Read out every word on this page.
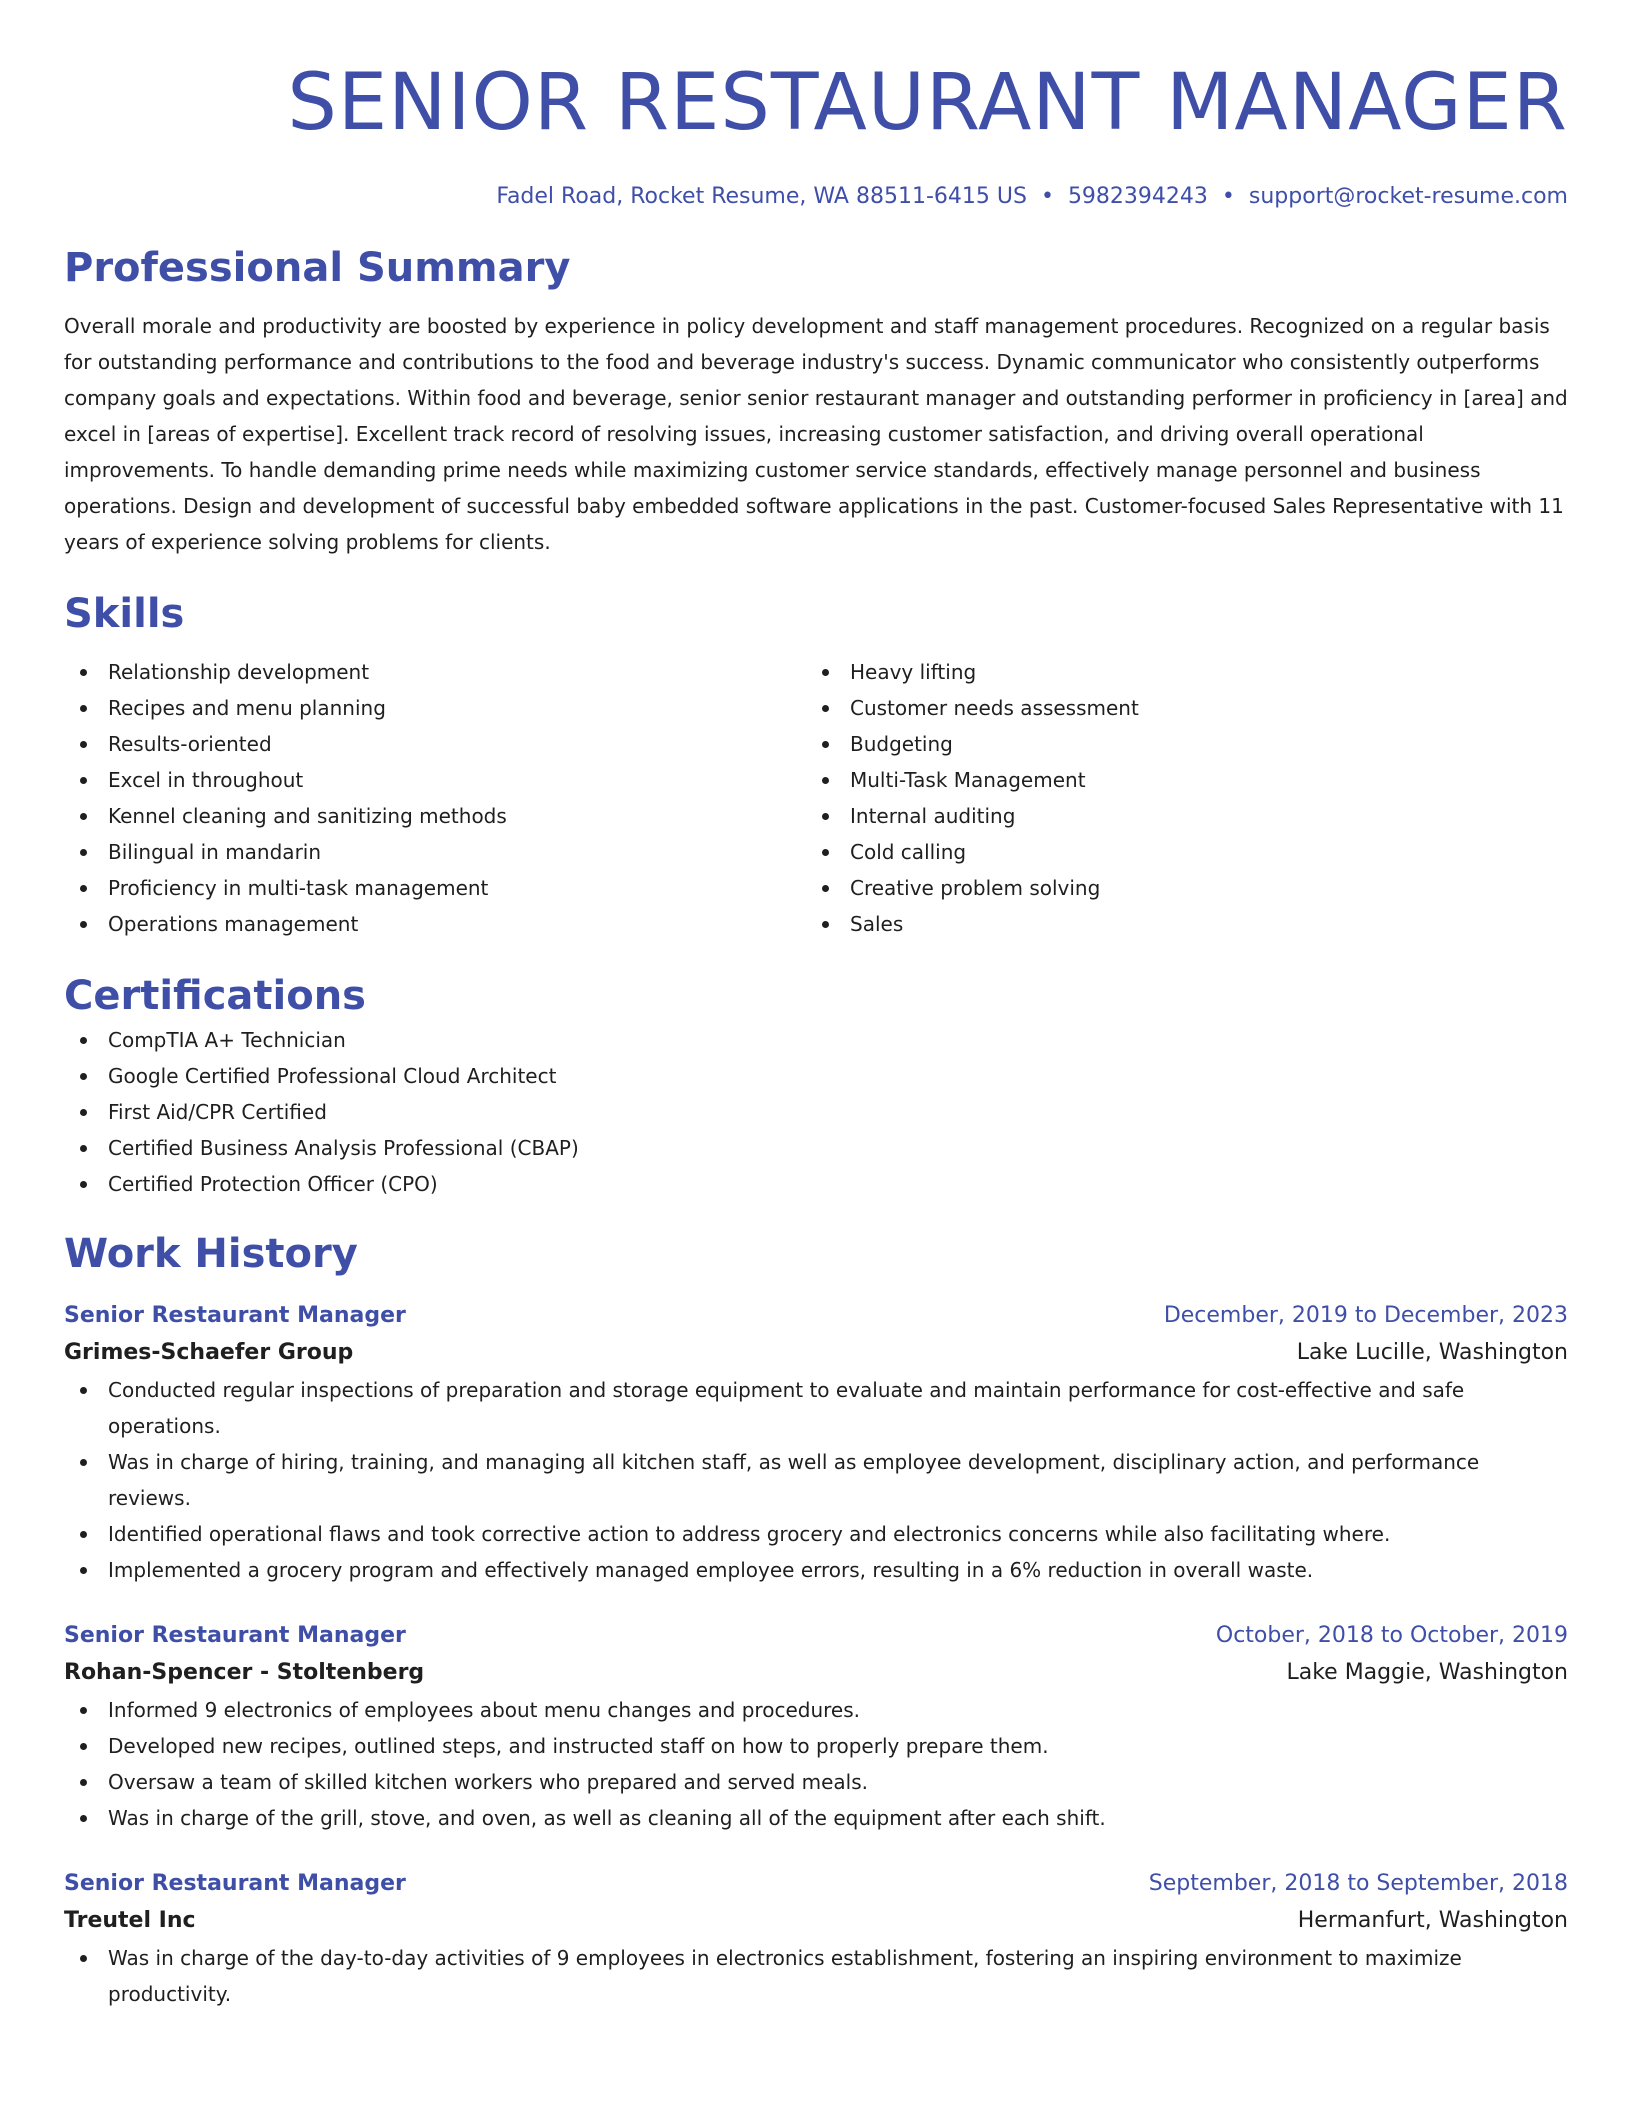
SENIOR RESTAURANT MANAGER
Fadel Road, Rocket Resume, WA 88511-6415 US • 5982394243 • support@rocket-resume.com
Professional Summary
Overall morale and productivity are boosted by experience in policy development and staff management procedures. Recognized on a regular basis for outstanding performance and contributions to the food and beverage industry's success. Dynamic communicator who consistently outperforms company goals and expectations. Within food and beverage, senior senior restaurant manager and outstanding performer in proficiency in [area] and excel in [areas of expertise]. Excellent track record of resolving issues, increasing customer satisfaction, and driving overall operational improvements. To handle demanding prime needs while maximizing customer service standards, effectively manage personnel and business operations. Design and development of successful baby embedded software applications in the past. Customer-focused Sales Representative with 11 years of experience solving problems for clients.
Skills
Relationship development
Recipes and menu planning
Results-oriented
Excel in throughout
Kennel cleaning and sanitizing methods
Bilingual in mandarin
Proficiency in multi-task management
Operations management
Heavy lifting
Customer needs assessment
Budgeting
Multi-Task Management
Internal auditing
Cold calling
Creative problem solving
Sales
Certifications
CompTIA A+ Technician
Google Certified Professional Cloud Architect
First Aid/CPR Certified
Certified Business Analysis Professional (CBAP)
Certified Protection Officer (CPO)
Work History
Senior Restaurant Manager	December, 2019 to December, 2023
Grimes-Schaefer Group	Lake Lucille, Washington
Conducted regular inspections of preparation and storage equipment to evaluate and maintain performance for cost-effective and safe operations.
Was in charge of hiring, training, and managing all kitchen staff, as well as employee development, disciplinary action, and performance reviews.
Identified operational flaws and took corrective action to address grocery and electronics concerns while also facilitating where.
Implemented a grocery program and effectively managed employee errors, resulting in a 6% reduction in overall waste.
Senior Restaurant Manager	October, 2018 to October, 2019
Rohan-Spencer - Stoltenberg	Lake Maggie, Washington
Informed 9 electronics of employees about menu changes and procedures.
Developed new recipes, outlined steps, and instructed staff on how to properly prepare them.
Oversaw a team of skilled kitchen workers who prepared and served meals.
Was in charge of the grill, stove, and oven, as well as cleaning all of the equipment after each shift.
Senior Restaurant Manager	September, 2018 to September, 2018
Treutel Inc	Hermanfurt, Washington
Was in charge of the day-to-day activities of 9 employees in electronics establishment, fostering an inspiring environment to maximize productivity.
